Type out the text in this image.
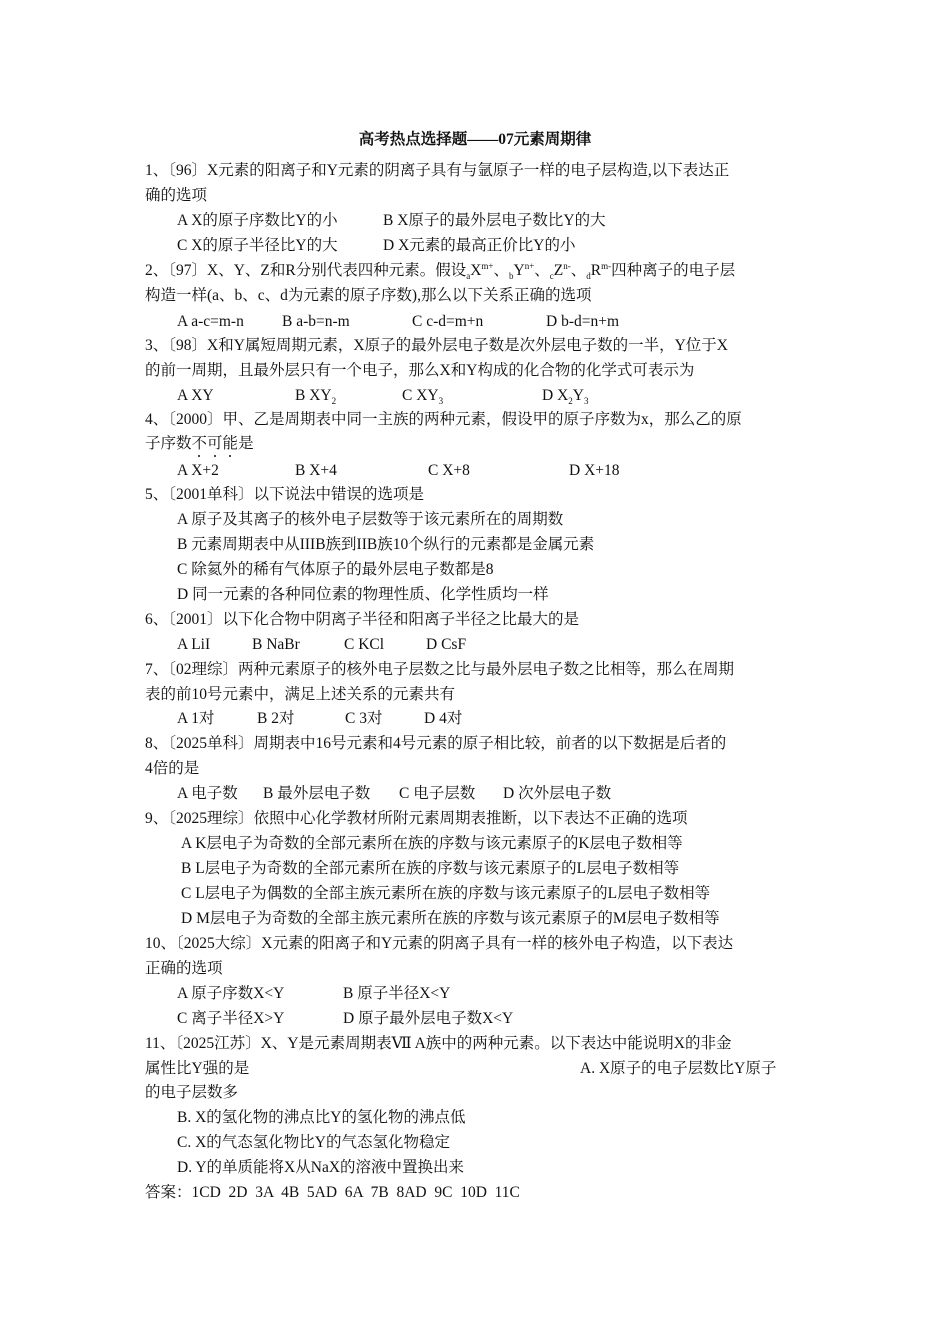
高考热点选择题——07元素周期律
1、〔96〕X元素的阳离子和Y元素的阴离子具有与氩原子一样的电子层构造,以下表达正
确的选项
A X的原子序数比Y的小	B X原子的最外层电子数比Y的大
C X的原子半径比Y的大	D X元素的最高正价比Y的小
2、〔97〕X、Y、Z和R分别代表四种元素。假设$_aX^{m+}$、$_bY^{n+}$、$_cZ^{n-}$、$_dR^{m-}$四种离子的电子层
构造一样(a、b、c、d为元素的原子序数),那么以下关系正确的选项
A a-c=m-n B a-b=n-m	C c-d=m+n	D b-d=n+m
3、〔98〕X和Y属短周期元素，X原子的最外层电子数是次外层电子数的一半，Y位于X
的前一周期，且最外层只有一个电子，那么X和Y构成的化合物的化学式可表示为
A XY	B $XY_2$	C $XY_3$	D $X_2Y_3$
4、〔2000〕甲、乙是周期表中同一主族的两种元素，假设甲的原子序数为x，那么乙的原
子序数不可能是
A X+2	B X+4	C X+8	D X+18
5、〔2001单科〕以下说法中错误的选项是
A 原子及其离子的核外电子层数等于该元素所在的周期数
B 元素周期表中从IIIB族到IIB族10个纵行的元素都是金属元素
C 除氦外的稀有气体原子的最外层电子数都是8
D 同一元素的各种同位素的物理性质、化学性质均一样
6、〔2001〕以下化合物中阴离子半径和阳离子半径之比最大的是
A LiI	B NaBr	C KCl	D CsF
7、〔02理综〕两种元素原子的核外电子层数之比与最外层电子数之比相等，那么在周期
表的前10号元素中，满足上述关系的元素共有
A 1对	B 2对	C 3对	D 4对
8、〔2025单科〕周期表中16号元素和4号元素的原子相比较，前者的以下数据是后者的
4倍的是
A 电子数 B 最外层电子数 C 电子层数 D 次外层电子数
9、〔2025理综〕依照中心化学教材所附元素周期表推断，以下表达不正确的选项
A K层电子为奇数的全部元素所在族的序数与该元素原子的K层电子数相等
B L层电子为奇数的全部元素所在族的序数与该元素原子的L层电子数相等
C L层电子为偶数的全部主族元素所在族的序数与该元素原子的L层电子数相等
D M层电子为奇数的全部主族元素所在族的序数与该元素原子的M层电子数相等
10、〔2025大综〕X元素的阳离子和Y元素的阴离子具有一样的核外电子构造，以下表达
正确的选项
A 原子序数X<Y	B 原子半径X<Y
C 离子半径X>Y	D 原子最外层电子数X<Y
11、〔2025江苏〕X、Y是元素周期表Ⅶ A族中的两种元素。以下表达中能说明X的非金
属性比Y强的是	A. X原子的电子层数比Y原子
的电子层数多
B. X的氢化物的沸点比Y的氢化物的沸点低
C. X的气态氢化物比Y的气态氢化物稳定
D. Y的单质能将X从NaX的溶液中置换出来
答案：1CD  2D  3A  4B  5AD  6A  7B  8AD  9C  10D  11C
